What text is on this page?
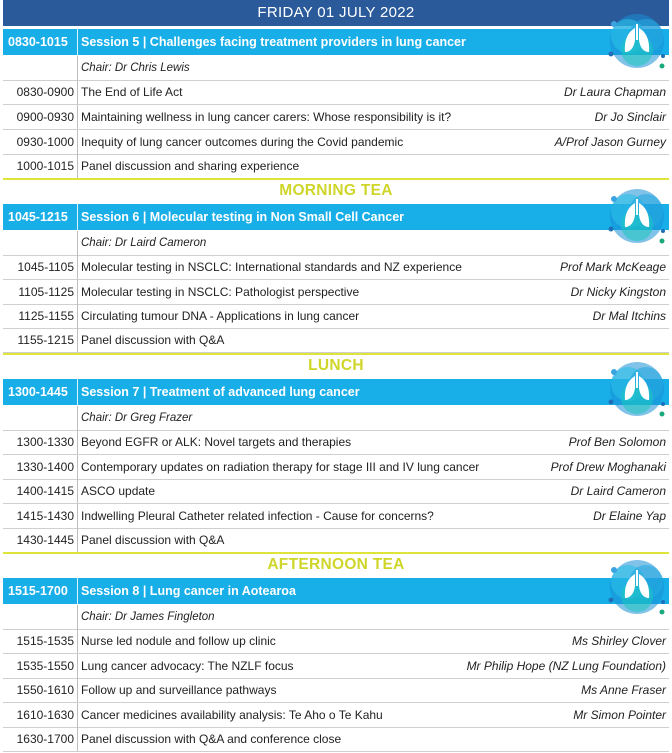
FRIDAY 01 JULY 2022
0830-1015 Session 5 | Challenges facing treatment providers in lung cancer
Chair: Dr Chris Lewis
0830-0900 The End of Life Act	Dr Laura Chapman
0900-0930 Maintaining wellness in lung cancer carers: Whose responsibility is it?	Dr Jo Sinclair
0930-1000 Inequity of lung cancer outcomes during the Covid pandemic	A/Prof Jason Gurney
1000-1015 Panel discussion and sharing experience
MORNING TEA
1045-1215 Session 6 | Molecular testing in Non Small Cell Cancer
Chair: Dr Laird Cameron
1045-1105 Molecular testing in NSCLC: International standards and NZ experience	Prof Mark McKeage
1105-1125 Molecular testing in NSCLC: Pathologist perspective	Dr Nicky Kingston
1125-1155 Circulating tumour DNA - Applications in lung cancer	Dr Mal Itchins
1155-1215 Panel discussion with Q&A
LUNCH
1300-1445 Session 7 | Treatment of advanced lung cancer
Chair: Dr Greg Frazer
1300-1330 Beyond EGFR or ALK: Novel targets and therapies	Prof Ben Solomon
1330-1400 Contemporary updates on radiation therapy for stage III and IV lung cancer	Prof Drew Moghanaki
1400-1415 ASCO update	Dr Laird Cameron
1415-1430 Indwelling Pleural Catheter related infection - Cause for concerns?	Dr Elaine Yap
1430-1445 Panel discussion with Q&A
AFTERNOON TEA
1515-1700 Session 8 | Lung cancer in Aotearoa
Chair: Dr James Fingleton
1515-1535 Nurse led nodule and follow up clinic	Ms Shirley Clover
1535-1550 Lung cancer advocacy: The NZLF focus	Mr Philip Hope (NZ Lung Foundation)
1550-1610 Follow up and surveillance pathways	Ms Anne Fraser
1610-1630 Cancer medicines availability analysis: Te Aho o Te Kahu	Mr Simon Pointer
1630-1700 Panel discussion with Q&A and conference close
